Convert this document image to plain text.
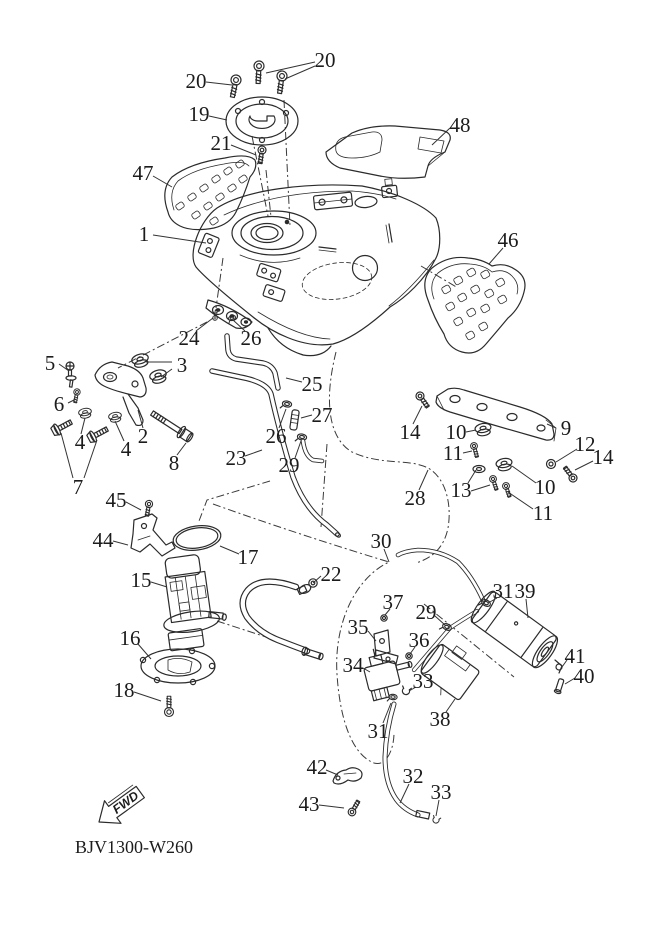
FWD
BJV1300-W260
1
2
3
4 4
5
6
7
8
9
10
10
11
11
12
13
14
14
15
16
17
18
19
20
20
21
22
23
24
25
26
26
27
28
29
29
30
31
31
32
33
33
34
35
36
37
38
39
40
41
42
43
44
45
46
47
48
